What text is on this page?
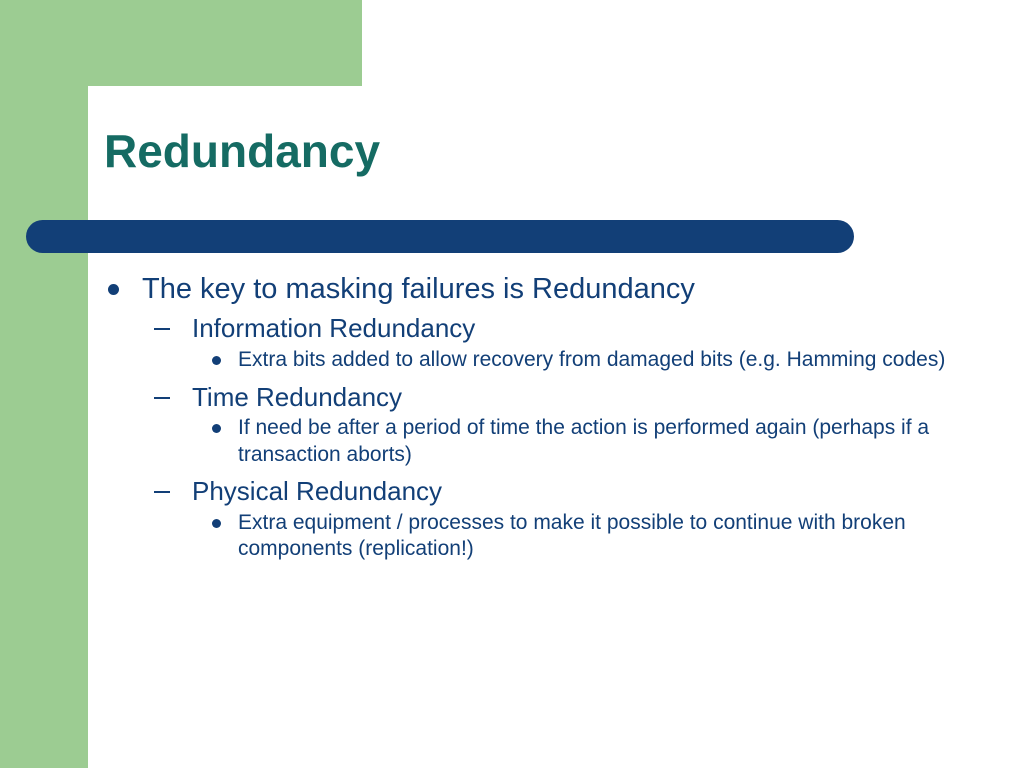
Redundancy

The key to masking failures is Redundancy

Information Redundancy

Extra bits added to allow recovery from damaged bits (e.g. Hamming codes)

Time Redundancy

If need be after a period of time the action is performed again (perhaps if a transaction aborts)

Physical Redundancy

Extra equipment / processes to make it possible to continue with broken components (replication!)
